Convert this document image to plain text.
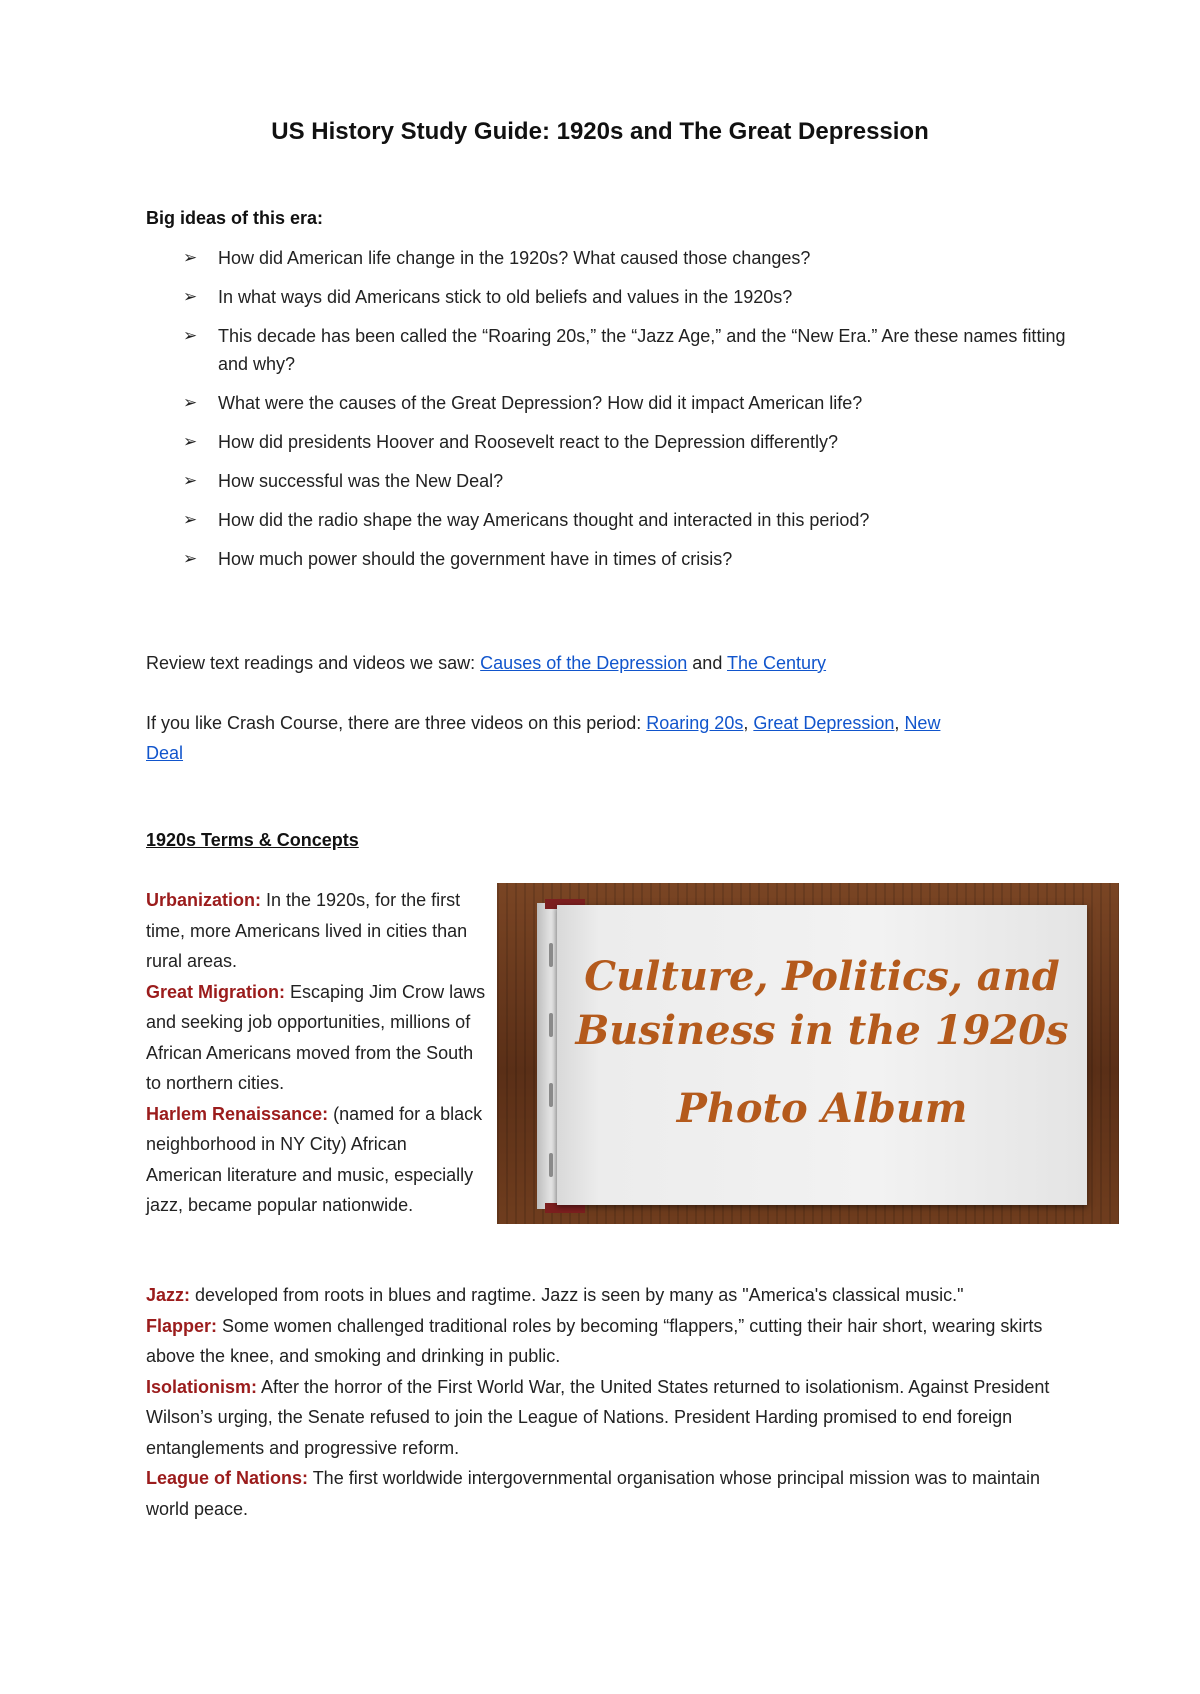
US History Study Guide: 1920s and The Great Depression
Big ideas of this era:
➢ How did American life change in the 1920s? What caused those changes?
➢ In what ways did Americans stick to old beliefs and values in the 1920s?
➢ This decade has been called the “Roaring 20s,” the “Jazz Age,” and the “New Era.” Are these names fitting and why?
➢ What were the causes of the Great Depression? How did it impact American life?
➢ How did presidents Hoover and Roosevelt react to the Depression differently?
➢ How successful was the New Deal?
➢ How did the radio shape the way Americans thought and interacted in this period?
➢ How much power should the government have in times of crisis?
Review text readings and videos we saw: Causes of the Depression and The Century
If you like Crash Course, there are three videos on this period: Roaring 20s, Great Depression, New Deal
1920s Terms & Concepts
Urbanization: In the 1920s, for the first time, more Americans lived in cities than rural areas.
Great Migration: Escaping Jim Crow laws and seeking job opportunities, millions of African Americans moved from the South to northern cities.
Harlem Renaissance: (named for a black neighborhood in NY City) African American literature and music, especially jazz, became popular nationwide.
Jazz: developed from roots in blues and ragtime. Jazz is seen by many as "America's classical music."
Flapper: Some women challenged traditional roles by becoming “flappers,” cutting their hair short, wearing skirts above the knee, and smoking and drinking in public.
Isolationism: After the horror of the First World War, the United States returned to isolationism. Against President Wilson’s urging, the Senate refused to join the League of Nations. President Harding promised to end foreign entanglements and progressive reform.
League of Nations: The first worldwide intergovernmental organisation whose principal mission was to maintain world peace.
Culture, Politics, and
Business in the 1920s
Photo Album
